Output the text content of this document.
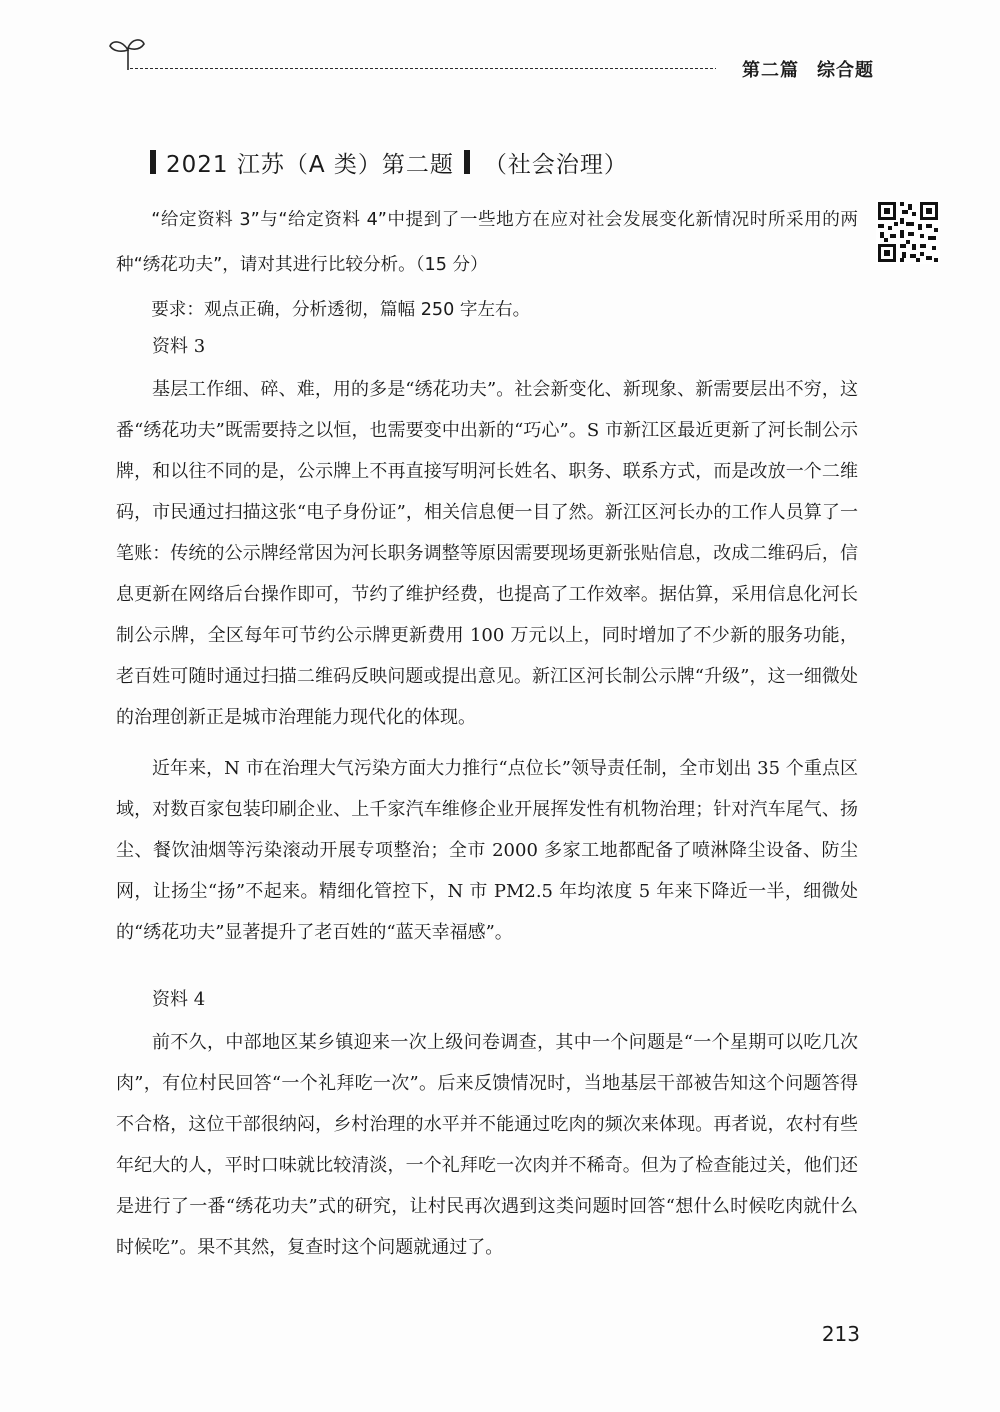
第二篇 综合题
2021 江苏（A 类）第二题 （社会治理）

“给定资料 3”与“给定资料 4”中提到了一些地方在应对社会发展变化新情况时所采用的两种“绣花功夫”，请对其进行比较分析。（15 分）

要求：观点正确，分析透彻，篇幅 250 字左右。

资料 3

基层工作细、碎、难，用的多是“绣花功夫”。社会新变化、新现象、新需要层出不穷，这番“绣花功夫”既需要持之以恒，也需要变中出新的“巧心”。S 市新江区最近更新了河长制公示牌，和以往不同的是，公示牌上不再直接写明河长姓名、职务、联系方式，而是改放一个二维码，市民通过扫描这张“电子身份证”，相关信息便一目了然。新江区河长办的工作人员算了一笔账：传统的公示牌经常因为河长职务调整等原因需要现场更新张贴信息，改成二维码后，信息更新在网络后台操作即可，节约了维护经费，也提高了工作效率。据估算，采用信息化河长制公示牌，全区每年可节约公示牌更新费用 100 万元以上，同时增加了不少新的服务功能，老百姓可随时通过扫描二维码反映问题或提出意见。新江区河长制公示牌“升级”，这一细微处的治理创新正是城市治理能力现代化的体现。

近年来，N 市在治理大气污染方面大力推行“点位长”领导责任制，全市划出 35 个重点区域，对数百家包装印刷企业、上千家汽车维修企业开展挥发性有机物治理；针对汽车尾气、扬尘、餐饮油烟等污染滚动开展专项整治；全市 2000 多家工地都配备了喷淋降尘设备、防尘网，让扬尘“扬”不起来。精细化管控下，N 市 PM2.5 年均浓度 5 年来下降近一半，细微处的“绣花功夫”显著提升了老百姓的“蓝天幸福感”。

资料 4

前不久，中部地区某乡镇迎来一次上级问卷调查，其中一个问题是“一个星期可以吃几次肉”，有位村民回答“一个礼拜吃一次”。后来反馈情况时，当地基层干部被告知这个问题答得不合格，这位干部很纳闷，乡村治理的水平并不能通过吃肉的频次来体现。再者说，农村有些年纪大的人，平时口味就比较清淡，一个礼拜吃一次肉并不稀奇。但为了检查能过关，他们还是进行了一番“绣花功夫”式的研究，让村民再次遇到这类问题时回答“想什么时候吃肉就什么时候吃”。果不其然，复查时这个问题就通过了。

213
